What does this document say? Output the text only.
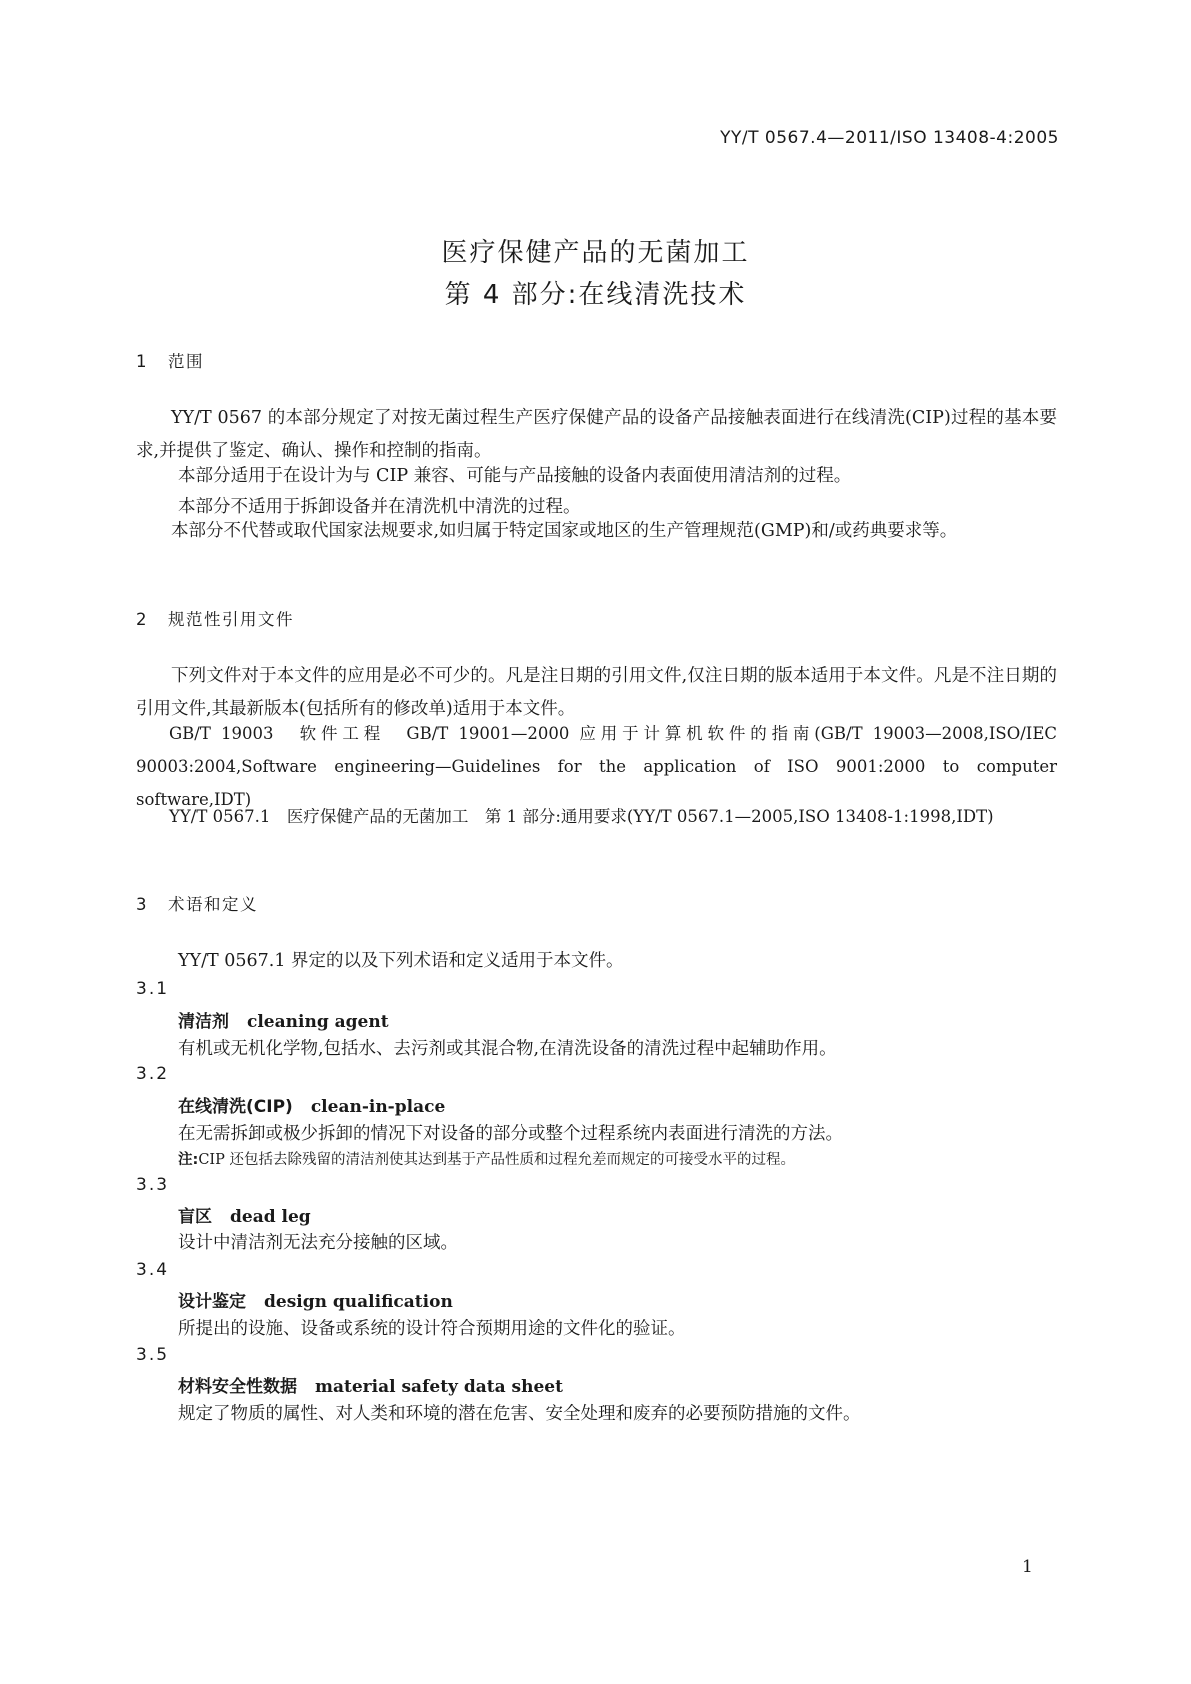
YY/T 0567.4—2011/ISO 13408-4:2005
医疗保健产品的无菌加工
第 4 部分:在线清洗技术
1 范围
YY/T 0567 的本部分规定了对按无菌过程生产医疗保健产品的设备产品接触表面进行在线清洗(CIP)过程的基本要求,并提供了鉴定、确认、操作和控制的指南。
本部分适用于在设计为与 CIP 兼容、可能与产品接触的设备内表面使用清洁剂的过程。
本部分不适用于拆卸设备并在清洗机中清洗的过程。
本部分不代替或取代国家法规要求,如归属于特定国家或地区的生产管理规范(GMP)和/或药典要求等。
2 规范性引用文件
下列文件对于本文件的应用是必不可少的。凡是注日期的引用文件,仅注日期的版本适用于本文件。凡是不注日期的引用文件,其最新版本(包括所有的修改单)适用于本文件。
GB/T 19003　软件工程　GB/T 19001—2000 应用于计算机软件的指南(GB/T 19003—2008,ISO/IEC 90003:2004,Software engineering—Guidelines for the application of ISO 9001:2000 to computer software,IDT)
YY/T 0567.1　医疗保健产品的无菌加工　第 1 部分:通用要求(YY/T 0567.1—2005,ISO 13408-1:1998,IDT)
3 术语和定义
YY/T 0567.1 界定的以及下列术语和定义适用于本文件。
3.1
清洁剂 cleaning agent
有机或无机化学物,包括水、去污剂或其混合物,在清洗设备的清洗过程中起辅助作用。
3.2
在线清洗(CIP) clean-in-place
在无需拆卸或极少拆卸的情况下对设备的部分或整个过程系统内表面进行清洗的方法。
注:CIP 还包括去除残留的清洁剂使其达到基于产品性质和过程允差而规定的可接受水平的过程。
3.3
盲区 dead leg
设计中清洁剂无法充分接触的区域。
3.4
设计鉴定 design qualification
所提出的设施、设备或系统的设计符合预期用途的文件化的验证。
3.5
材料安全性数据 material safety data sheet
规定了物质的属性、对人类和环境的潜在危害、安全处理和废弃的必要预防措施的文件。
1
